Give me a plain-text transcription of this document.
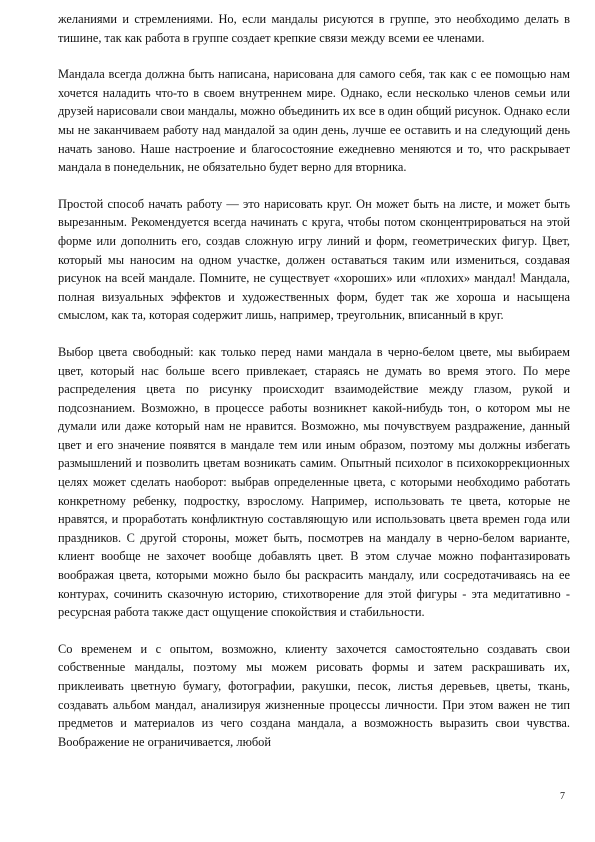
желаниями и стремлениями. Но, если мандалы рисуются в группе, это необходимо делать в тишине, так как работа в группе создает крепкие связи между всеми ее членами.

Мандала всегда должна быть написана, нарисована для самого себя, так как с ее помощью нам хочется наладить что-то в своем внутреннем мире. Однако, если несколько членов семьи или друзей нарисовали свои мандалы, можно объединить их все в один общий рисунок. Однако если мы не заканчиваем работу над мандалой за один день, лучше ее оставить и на следующий день начать заново. Наше настроение и благосостояние ежедневно меняются и то, что раскрывает мандала в понедельник, не обязательно будет верно для вторника.

Простой способ начать работу — это нарисовать круг. Он может быть на листе, и может быть вырезанным. Рекомендуется всегда начинать с круга, чтобы потом сконцентрироваться на этой форме или дополнить его, создав сложную игру линий и форм, геометрических фигур. Цвет, который мы наносим на одном участке, должен оставаться таким или измениться, создавая рисунок на всей мандале. Помните, не существует «хороших» или «плохих» мандал! Мандала, полная визуальных эффектов и художественных форм, будет так же хороша и насыщена смыслом, как та, которая содержит лишь, например, треугольник, вписанный в круг.

Выбор цвета свободный: как только перед нами мандала в черно-белом цвете, мы выбираем цвет, который нас больше всего привлекает, стараясь не думать во время этого. По мере распределения цвета по рисунку происходит взаимодействие между глазом, рукой и подсознанием. Возможно, в процессе работы возникнет какой-нибудь тон, о котором мы не думали или даже который нам не нравится. Возможно, мы почувствуем раздражение, данный цвет и его значение появятся в мандале тем или иным образом, поэтому мы должны избегать размышлений и позволить цветам возникать самим. Опытный психолог в психокоррекционных целях может сделать наоборот: выбрав определенные цвета, с которыми необходимо работать конкретному ребенку, подростку, взрослому. Например, использовать те цвета, которые не нравятся, и проработать конфликтную составляющую или использовать цвета времен года или праздников. С другой стороны, может быть, посмотрев на мандалу в черно-белом варианте, клиент вообще не захочет вообще добавлять цвет. В этом случае можно пофантазировать воображая цвета, которыми можно было бы раскрасить мандалу, или сосредотачиваясь на ее контурах, сочинить сказочную историю, стихотворение для этой фигуры - эта медитативно - ресурсная работа также даст ощущение спокойствия и стабильности.

Со временем и с опытом, возможно, клиенту захочется самостоятельно создавать свои собственные мандалы, поэтому мы можем рисовать формы и затем раскрашивать их, приклеивать цветную бумагу, фотографии, ракушки, песок, листья деревьев, цветы, ткань, создавать альбом мандал, анализируя жизненные процессы личности. При этом важен не тип предметов и материалов из чего создана мандала, а возможность выразить свои чувства. Воображение не ограничивается, любой

7
